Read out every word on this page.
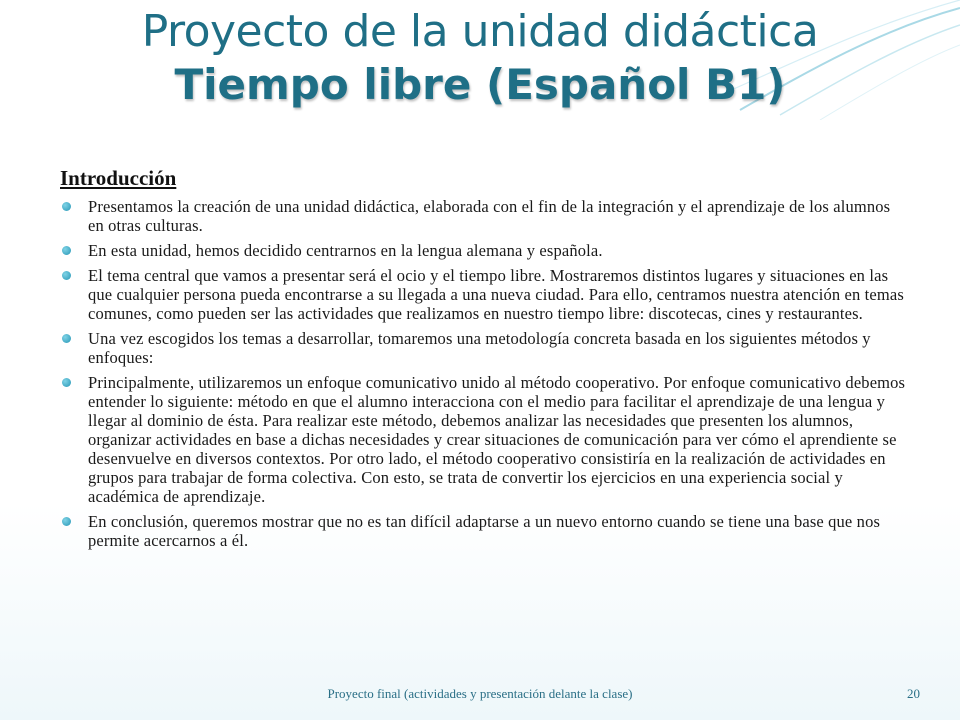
Proyecto de la unidad didáctica
Tiempo libre (Español B1)
Introducción
Presentamos la creación de una unidad didáctica, elaborada con el fin de la integración y el aprendizaje de los alumnos en otras culturas.
En esta unidad, hemos decidido centrarnos en la lengua alemana y española.
El tema central que vamos a presentar será el ocio y el tiempo libre. Mostraremos distintos lugares y situaciones en las que cualquier persona pueda encontrarse a su llegada a una nueva ciudad. Para ello, centramos nuestra atención en temas comunes, como pueden ser las actividades que realizamos en nuestro tiempo libre: discotecas, cines y restaurantes.
Una vez escogidos los temas a desarrollar, tomaremos una metodología concreta basada en los siguientes métodos y enfoques:
Principalmente, utilizaremos un enfoque comunicativo unido al método cooperativo. Por enfoque comunicativo debemos entender lo siguiente: método en que el alumno interacciona con el medio para facilitar el aprendizaje de una lengua y llegar al dominio de ésta. Para realizar este método, debemos analizar las necesidades que presenten los alumnos, organizar actividades en base a dichas necesidades y crear situaciones de comunicación para ver cómo el aprendiente se desenvuelve en diversos contextos. Por otro lado, el método cooperativo consistiría en la realización de actividades en grupos para trabajar de forma colectiva. Con esto, se trata de convertir los ejercicios en una experiencia social y académica de aprendizaje.
En conclusión, queremos mostrar que no es tan difícil adaptarse a un nuevo entorno cuando se tiene una base que nos permite acercarnos a él.
Proyecto final (actividades y presentación delante la clase)	20
